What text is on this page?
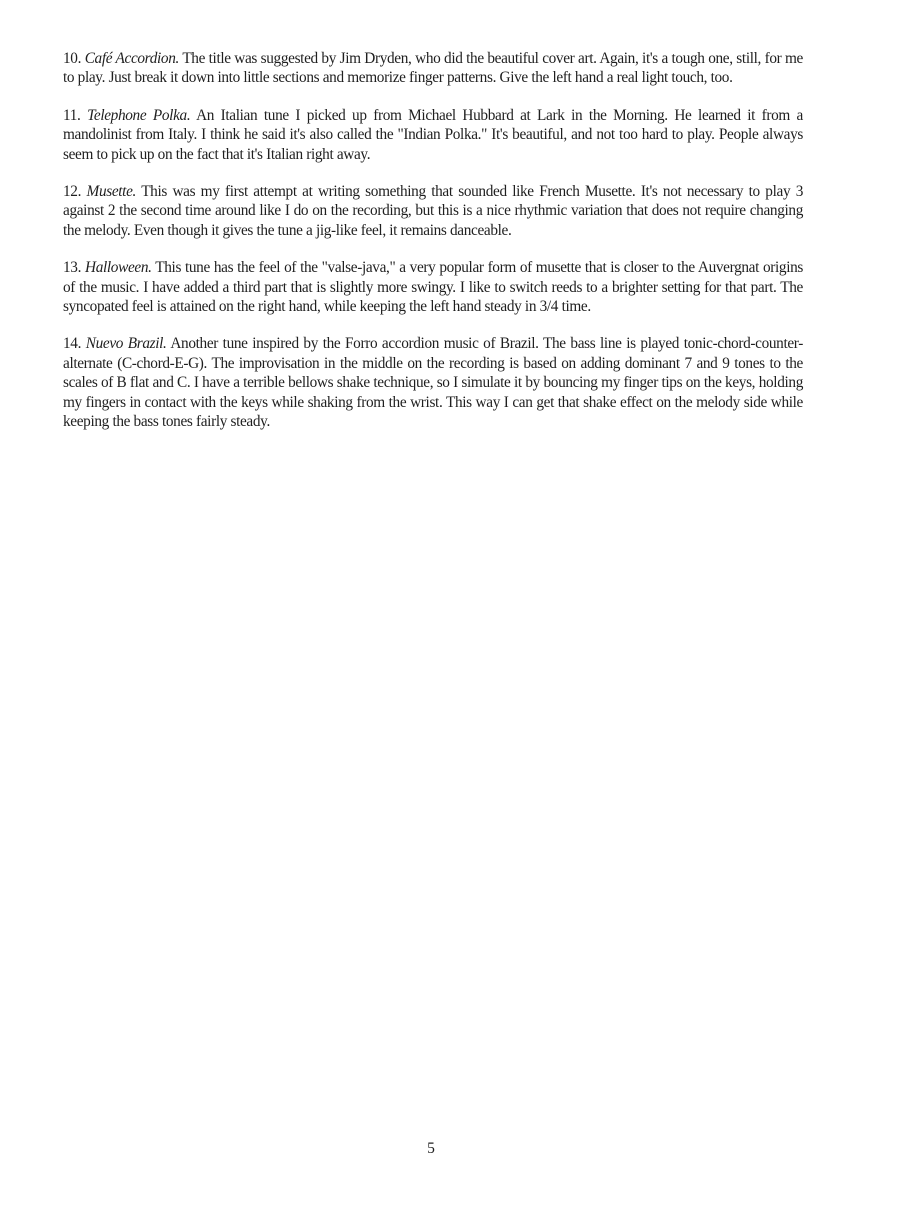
10. Café Accordion. The title was suggested by Jim Dryden, who did the beautiful cover art. Again, it's a tough one, still, for me to play. Just break it down into little sections and memorize finger patterns. Give the left hand a real light touch, too.

11. Telephone Polka. An Italian tune I picked up from Michael Hubbard at Lark in the Morning. He learned it from a mandolinist from Italy. I think he said it's also called the "Indian Polka." It's beautiful, and not too hard to play. People always seem to pick up on the fact that it's Italian right away.

12. Musette. This was my first attempt at writing something that sounded like French Musette. It's not necessary to play 3 against 2 the second time around like I do on the recording, but this is a nice rhythmic variation that does not require changing the melody. Even though it gives the tune a jig-like feel, it remains danceable.

13. Halloween. This tune has the feel of the "valse-java," a very popular form of musette that is closer to the Auvergnat origins of the music. I have added a third part that is slightly more swingy. I like to switch reeds to a brighter setting for that part. The syncopated feel is attained on the right hand, while keeping the left hand steady in 3/4 time.

14. Nuevo Brazil. Another tune inspired by the Forro accordion music of Brazil. The bass line is played tonic-chord-counter-alternate (C-chord-E-G). The improvisation in the middle on the recording is based on adding dominant 7 and 9 tones to the scales of B flat and C. I have a terrible bellows shake technique, so I simulate it by bouncing my finger tips on the keys, holding my fingers in contact with the keys while shaking from the wrist. This way I can get that shake effect on the melody side while keeping the bass tones fairly steady.

5
